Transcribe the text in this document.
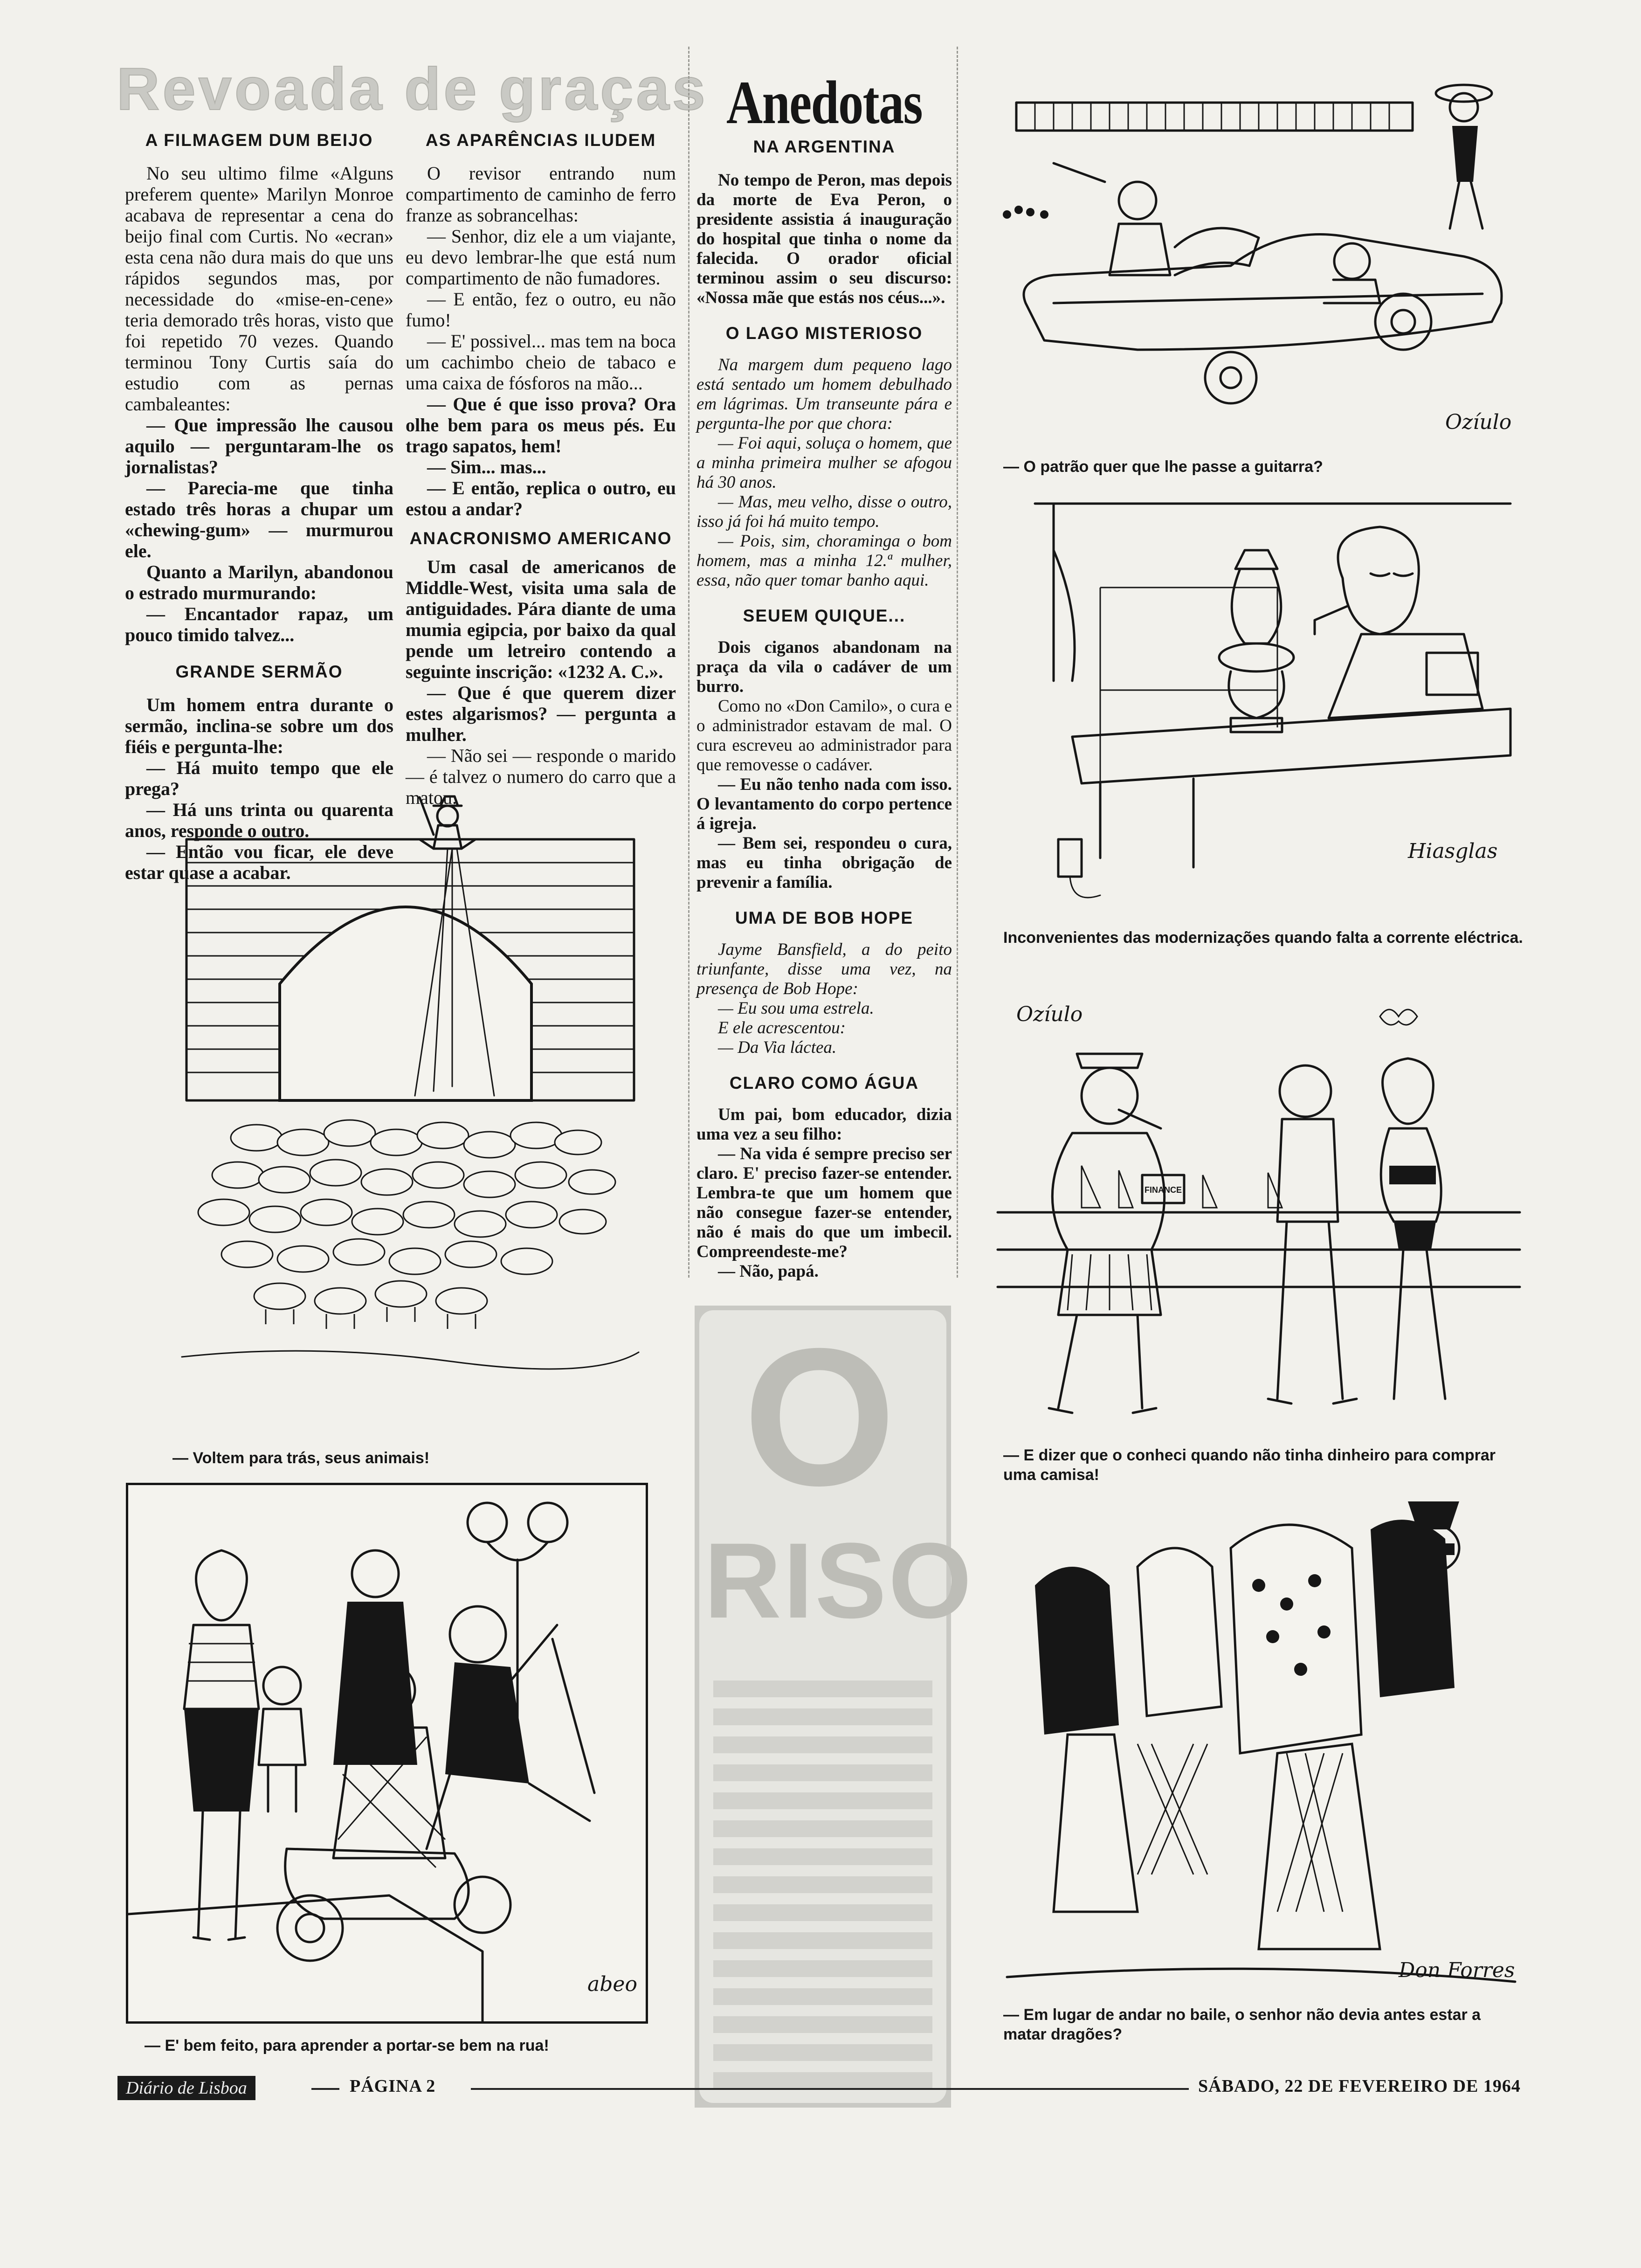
Revoada de graças
A FILMAGEM DUM BEIJO

No seu ultimo filme «Alguns preferem quente» Marilyn Monroe acabava de representar a cena do beijo final com Curtis. No «ecran» esta cena não dura mais do que uns rápidos segundos mas, por necessidade do «mise-en-cene» teria demorado três horas, visto que foi repetido 70 vezes. Quando terminou Tony Curtis saía do estudio com as pernas cambaleantes:

— Que impressão lhe causou aquilo — perguntaram-lhe os jornalistas?

— Parecia-me que tinha estado três horas a chupar um «chewing-gum» — murmurou ele.

Quanto a Marilyn, abandonou o estrado murmurando:

— Encantador rapaz, um pouco timido talvez...

GRANDE SERMÃO

Um homem entra durante o sermão, inclina-se sobre um dos fiéis e pergunta-lhe:

— Há muito tempo que ele prega?

— Há uns trinta ou quarenta anos, responde o outro.

— Então vou ficar, ele deve estar quase a acabar.

AS APARÊNCIAS ILUDEM

O revisor entrando num compartimento de caminho de ferro franze as sobrancelhas:

— Senhor, diz ele a um viajante, eu devo lembrar-lhe que está num compartimento de não fumadores.

— E então, fez o outro, eu não fumo!

— E' possivel... mas tem na boca um cachimbo cheio de tabaco e uma caixa de fósforos na mão...

— Que é que isso prova? Ora olhe bem para os meus pés. Eu trago sapatos, hem!

— Sim... mas...

— E então, replica o outro, eu estou a andar?

ANACRONISMO AMERICANO

Um casal de americanos de Middle-West, visita uma sala de antiguidades. Pára diante de uma mumia egipcia, por baixo da qual pende um letreiro contendo a seguinte inscrição: «1232 A. C.».

— Que é que querem dizer estes algarismos? — pergunta a mulher.

— Não sei — responde o marido — é talvez o numero do carro que a matou.

Anedotas
NA ARGENTINA

No tempo de Peron, mas depois da morte de Eva Peron, o presidente assistia á inauguração do hospital que tinha o nome da falecida. O orador oficial terminou assim o seu discurso: «Nossa mãe que estás nos céus...».

O LAGO MISTERIOSO

Na margem dum pequeno lago está sentado um homem debulhado em lágrimas. Um transeunte pára e pergunta-lhe por que chora:

— Foi aqui, soluça o homem, que a minha primeira mulher se afogou há 30 anos.

— Mas, meu velho, disse o outro, isso já foi há muito tempo.

— Pois, sim, choraminga o bom homem, mas a minha 12.ª mulher, essa, não quer tomar banho aqui.

SEUEM QUIQUE...

Dois ciganos abandonam na praça da vila o cadáver de um burro.

Como no «Don Camilo», o cura e o administrador estavam de mal. O cura escreveu ao administrador para que removesse o cadáver.

— Eu não tenho nada com isso. O levantamento do corpo pertence á igreja.

— Bem sei, respondeu o cura, mas eu tinha obrigação de prevenir a família.

UMA DE BOB HOPE

Jayme Bansfield, a do peito triunfante, disse uma vez, na presença de Bob Hope:

— Eu sou uma estrela.

E ele acrescentou:

— Da Via láctea.

CLARO COMO ÁGUA

Um pai, bom educador, dizia uma vez a seu filho:

— Na vida é sempre preciso ser claro. E' preciso fazer-se entender. Lembra-te que um homem que não consegue fazer-se entender, não é mais do que um imbecil. Compreendeste-me?

— Não, papá.

O
RISO
— Voltem para trás, seus animais!
abeo
— E' bem feito, para aprender a portar-se bem na rua!
Ozíulo
— O patrão quer que lhe passe a guitarra?
Hiasglas
Inconvenientes das modernizações quando falta a corrente eléctrica.
FINANCE
Ozíulo
— E dizer que o conheci quando não tinha dinheiro para comprar uma camisa!
Don Forres
— Em lugar de andar no baile, o senhor não devia antes estar a matar dragões?
Diário de Lisboa	PÁGINA 2	SÁBADO, 22 DE FEVEREIRO DE 1964
